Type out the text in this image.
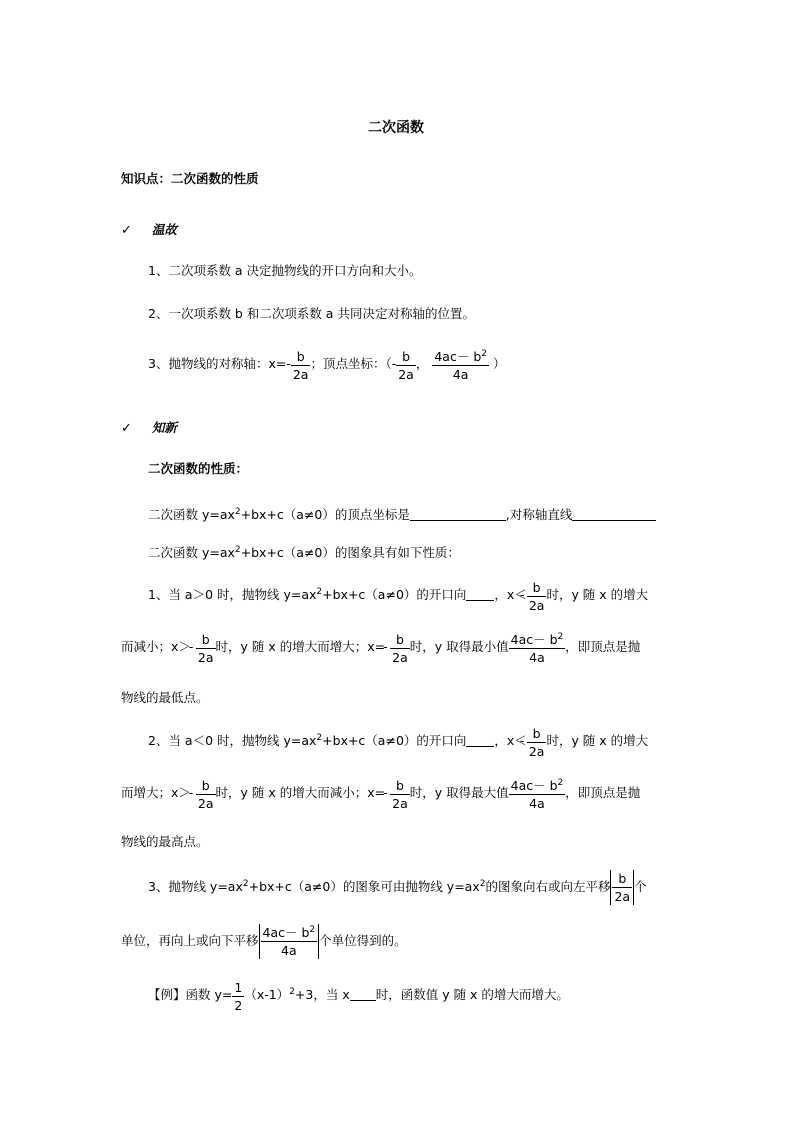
二次函数
知识点：二次函数的性质
✓ 温故
1、二次项系数 a 决定抛物线的开口方向和大小。
2、一次项系数 b 和二次项系数 a 共同决定对称轴的位置。
3、抛物线的对称轴：$x=- \frac{b}{2a}$ ；顶点坐标：（- $\frac{b}{2a}$ ， $\frac{4ac- b^2}{4a}$ ）
✓ 知新
二次函数的性质：
二次函数 $y=ax^2+bx+c(a\ne 0)$的顶点坐标是	,对称轴直线
二次函数 $y=ax^2+bx+c(a\ne 0)$的图象具有如下性质：
1、当 a＞0 时，抛物线 $y=ax^2+bx+c(a\ne 0)$的开口向 ，x＜
- $\frac{b}{2a}$ 时，y 随 x 的增大
而减小；x＞
- $\frac{b}{2a}$ 时，y 随 x 的增大而增大；x=
- $\frac{b}{2a}$ 时，y 取得最小值 $\frac{4ac- b^2}{4a}$ ，即顶点是抛
物线的最低点。
2、当 a＜0 时，抛物线 $y=ax^2+bx+c(a\ne 0)$的开口向 ，x＜
- $\frac{b}{2a}$ 时，y 随 x 的增大
而增大；x＞
- $\frac{b}{2a}$ 时，y 随 x 的增大而减小；x=
- $\frac{b}{2a}$ 时，y 取得最大值 $\frac{4ac- b^2}{4a}$ ，即顶点是抛
物线的最高点。
3、抛物线 $y=ax^2+bx+c(a\ne 0)$的图象可由抛物线 $y=ax^2$的图象向右或向左平移 $\frac{b}{2a}$ 个
单位，再向上或向下平移 $\frac{4ac- b^2}{4a}$ 个单位得到的。
【例】函数 $y= \frac{1}{2} (x-1)^2+3$，当 x 时，函数值 y 随 x 的增大而增大。
